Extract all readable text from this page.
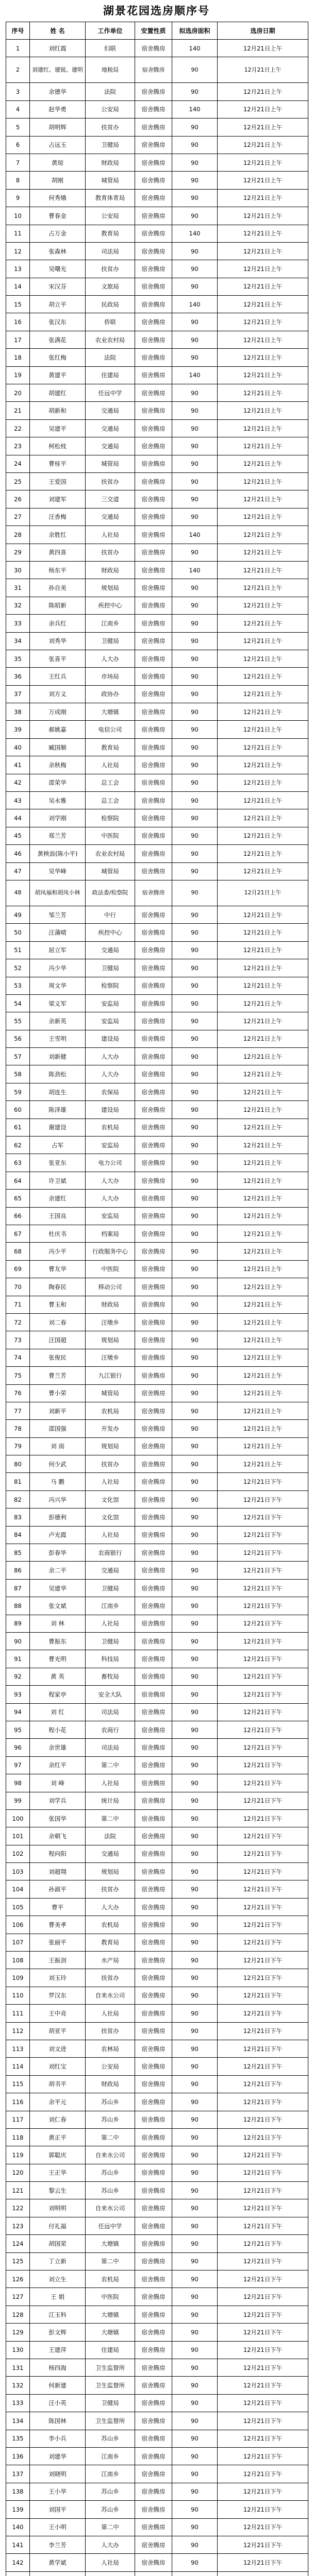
湖景花园选房顺序号
序号	姓 名	工作单位	安置性质	拟选房面积	选房日期
1	刘红霞	妇联	宿舍腾房	140	12月21日上午
2	刘建红、建锐、建明	地税局	宿舍腾房	90	12月21日上午
3	余德华	法院	宿舍腾房	90	12月21日上午
4	赵华勇	公安局	宿舍腾房	140	12月21日上午
5	胡明辉	扶贫办	宿舍腾房	90	12月21日上午
6	占远玉	卫健局	宿舍腾房	90	12月21日上午
7	黄琼	财政局	宿舍腾房	90	12月21日上午
8	胡刚	城管局	宿舍腾房	90	12月21日上午
9	何秀娥	教育体育局	宿舍腾房	90	12月21日上午
10	曹春金	公安局	宿舍腾房	90	12月21日上午
11	占万金	教育局	宿舍腾房	140	12月21日上午
12	张森林	司法局	宿舍腾房	90	12月21日上午
13	吴曙光	扶贫办	宿舍腾房	90	12月21日上午
14	宋汉芬	文旅局	宿舍腾房	90	12月21日上午
15	胡立平	民政局	宿舍腾房	140	12月21日上午
16	张汉东	侨联	宿舍腾房	90	12月21日上午
17	张满花	农业农村局	宿舍腾房	90	12月21日上午
18	张红梅	法院	宿舍腾房	90	12月21日上午
19	黄建平	住建局	宿舍腾房	140	12月21日上午
20	胡建红	任远中学	宿舍腾房	90	12月21日上午
21	胡新和	交通局	宿舍腾房	90	12月21日上午
22	吴建平	交通局	宿舍腾房	90	12月21日上午
23	柯松枝	交通局	宿舍腾房	90	12月21日上午
24	曹桂平	城管局	宿舍腾房	90	12月21日上午
25	王爱国	扶贫办	宿舍腾房	90	12月21日上午
26	刘建军	三交道	宿舍腾房	90	12月21日上午
27	汪香梅	交通局	宿舍腾房	90	12月21日上午
28	余胜红	人社局	宿舍腾房	140	12月21日上午
29	黄四喜	扶贫办	宿舍腾房	90	12月21日上午
30	杨东平	财政局	宿舍腾房	140	12月21日上午
31	孙自美	规划局	宿舍腾房	90	12月21日上午
32	陈昭新	疾控中心	宿舍腾房	90	12月21日上午
33	余兵红	江南乡	宿舍腾房	90	12月21日上午
34	刘秀华	卫健局	宿舍腾房	90	12月21日上午
35	张喜平	人大办	宿舍腾房	90	12月21日上午
36	王红兵	市场局	宿舍腾房	90	12月21日上午
37	刘方义	政协办	宿舍腾房	90	12月21日上午
38	万成刚	大塘镇	宿舍腾房	90	12月21日上午
39	郝姚嘉	电信公司	宿舍腾房	90	12月21日上午
40	臧国顺	教育局	宿舍腾房	90	12月21日上午
41	余秋梅	人社局	宿舍腾房	90	12月21日上午
42	邵荣华	总工会	宿舍腾房	90	12月21日上午
43	吴永雅	总工会	宿舍腾房	90	12月21日上午
44	刘学刚	检察院	宿舍腾房	90	12月21日上午
45	郑兰芳	中医院	宿舍腾房	90	12月21日上午
46	黄秧浪(陈小平)	农业农村局	宿舍腾房	90	12月21日上午
47	吴华峰	城管局	宿舍腾房	90	12月21日上午
48	胡凤福和胡凤小林	政法委/检察院	宿舍腾房	90	12月21日上午
49	邹兰芳	中行	宿舍腾房	90	12月21日上午
50	汪蒲晴	疾控中心	宿舍腾房	90	12月21日上午
51	屈立军	交通局	宿舍腾房	90	12月21日上午
52	冯少华	卫健局	宿舍腾房	90	12月21日上午
53	周文华	检察院	宿舍腾房	90	12月21日上午
54	梁义军	安监局	宿舍腾房	90	12月21日上午
55	余新英	安监局	宿舍腾房	90	12月21日上午
56	王雪明	建设局	宿舍腾房	90	12月21日上午
57	刘新健	人大办	宿舍腾房	90	12月21日上午
58	陈劲松	人大办	宿舍腾房	90	12月21日上午
59	胡连生	农保局	宿舍腾房	90	12月21日上午
60	陈泽雄	建设局	宿舍腾房	90	12月21日上午
61	谢建设	农机局	宿舍腾房	90	12月21日上午
62	占军	安监局	宿舍腾房	90	12月21日上午
63	张亚东	电力公司	宿舍腾房	90	12月21日上午
64	许卫斌	人大办	宿舍腾房	90	12月21日上午
65	余建红	人大办	宿舍腾房	90	12月21日上午
66	王国良	安监局	宿舍腾房	90	12月21日上午
67	杜庆书	档案局	宿舍腾房	90	12月21日上午
68	冯少平	行政服务中心	宿舍腾房	90	12月21日上午
69	曹友华	中医院	宿舍腾房	90	12月21日上午
70	陶春民	移动公司	宿舍腾房	90	12月21日上午
71	曹玉和	财政局	宿舍腾房	90	12月21日上午
72	刘二春	汪墩乡	宿舍腾房	90	12月21日上午
73	汪国超	规划局	宿舍腾房	90	12月21日上午
74	张俊民	汪墩乡	宿舍腾房	90	12月21日上午
75	曹兰芳	九江银行	宿舍腾房	90	12月21日上午
76	曹小荣	城管局	宿舍腾房	90	12月21日上午
77	刘新平	农机局	宿舍腾房	90	12月21日上午
78	邵国强	开发办	宿舍腾房	90	12月21日上午
79	刘 雨	规划局	宿舍腾房	90	12月21日上午
80	何少武	扶贫办	宿舍腾房	90	12月21日上午
81	马 鹏	人社局	宿舍腾房	90	12月21日下午
82	冯兴华	文化馆	宿舍腾房	90	12月21日下午
83	彭德利	文化馆	宿舍腾房	90	12月21日下午
84	卢光霞	人社局	宿舍腾房	90	12月21日下午
85	彭春华	农商银行	宿舍腾房	90	12月21日下午
86	余二平	交通局	宿舍腾房	90	12月21日下午
87	吴建华	卫健局	宿舍腾房	90	12月21日下午
88	张文斌	江南乡	宿舍腾房	90	12月21日下午
89	刘 林	人社局	宿舍腾房	90	12月21日下午
90	曹振东	卫健局	宿舍腾房	90	12月21日下午
91	曹光明	科技局	宿舍腾房	90	12月21日下午
92	黄 英	畜牧局	宿舍腾房	90	12月21日下午
93	程家亭	安全大队	宿舍腾房	90	12月21日下午
94	刘 红	司法局	宿舍腾房	90	12月21日下午
95	程小花	农商行	宿舍腾房	90	12月21日下午
96	余世雄	司法局	宿舍腾房	90	12月21日下午
97	余红平	第二中	宿舍腾房	90	12月21日下午
98	刘 峰	人社局	宿舍腾房	90	12月21日下午
99	刘学兵	统计局	宿舍腾房	90	12月21日下午
100	张国华	第二中	宿舍腾房	90	12月21日下午
101	余朝飞	法院	宿舍腾房	90	12月21日下午
102	程向阳	交通局	宿舍腾房	90	12月21日下午
103	刘超翔	规划局	宿舍腾房	90	12月21日下午
104	孙淑平	扶贫办	宿舍腾房	90	12月21日下午
105	曹平	人大办	宿舍腾房	90	12月21日下午
106	曹美孝	农机局	宿舍腾房	90	12月21日下午
107	张丽平	教育局	宿舍腾房	90	12月21日下午
108	王振剑	水产局	宿舍腾房	90	12月21日下午
109	刘玉玲	扶贫办	宿舍腾房	90	12月21日下午
110	罗汉东	自来水公司	宿舍腾房	90	12月21日下午
111	王中亮	人社局	宿舍腾房	90	12月21日下午
112	胡亚平	扶贫办	宿舍腾房	90	12月21日下午
113	刘文进	农林局	宿舍腾房	90	12月21日下午
114	刘红宝	公安局	宿舍腾房	90	12月21日下午
115	胡书平	财政局	宿舍腾房	90	12月21日下午
116	余平元	苏山乡	宿舍腾房	90	12月21日下午
117	刘仁春	苏山乡	宿舍腾房	90	12月21日下午
118	黄正平	第二中	宿舍腾房	90	12月21日下午
119	郭聪庆	自来水公司	宿舍腾房	90	12月21日下午
120	王正华	苏山乡	宿舍腾房	90	12月21日下午
121	黎云生	苏山乡	宿舍腾房	90	12月21日下午
122	刘明明	自来水公司	宿舍腾房	90	12月21日下午
123	付礼福	任远中学	宿舍腾房	90	12月21日下午
124	胡国荣	大塘镇	宿舍腾房	90	12月21日下午
125	丁立新	第二中	宿舍腾房	90	12月21日下午
126	刘立生	农机局	宿舍腾房	90	12月21日下午
127	王 娟	中医院	宿舍腾房	90	12月21日下午
128	江玉科	大塘镇	宿舍腾房	90	12月21日下午
129	彭文辉	大塘镇	宿舍腾房	90	12月21日下午
130	王建萍	住建局	宿舍腾房	90	12月21日下午
131	杨四海	卫生监督所	宿舍腾房	90	12月21日下午
132	何新建	卫生监督所	宿舍腾房	90	12月21日下午
133	汪小英	卫健局	宿舍腾房	90	12月21日下午
134	陈国林	卫生监督所	宿舍腾房	90	12月21日下午
135	李小兵	苏山乡	宿舍腾房	90	12月21日下午
136	刘建华	江南乡	宿舍腾房	90	12月21日下午
137	刘晓明	江南乡	宿舍腾房	90	12月21日下午
138	王小华	苏山乡	宿舍腾房	90	12月21日下午
139	刘国平	苏山乡	宿舍腾房	90	12月21日下午
140	王小明	第二中	宿舍腾房	90	12月21日下午
141	李兰芳	人大办	宿舍腾房	90	12月21日下午
142	黄学斌	人社局	宿舍腾房	90	12月21日下午
